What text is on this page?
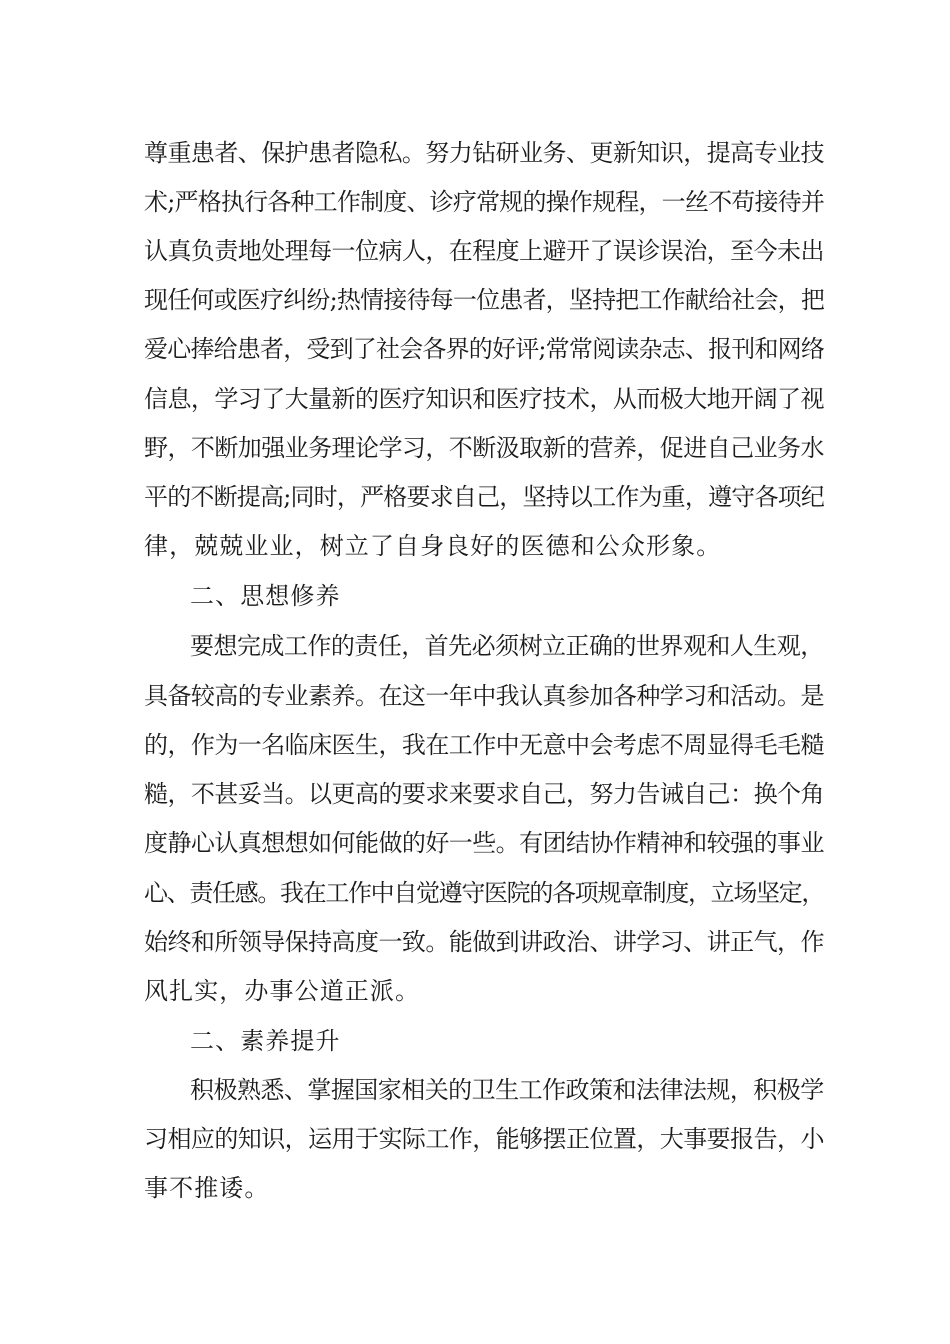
尊重患者、保护患者隐私。努力钻研业务、更新知识，提高专业技
术;严格执行各种工作制度、诊疗常规的操作规程，一丝不苟接待并
认真负责地处理每一位病人，在程度上避开了误诊误治，至今未出
现任何或医疗纠纷;热情接待每一位患者，坚持把工作献给社会，把
爱心捧给患者，受到了社会各界的好评;常常阅读杂志、报刊和网络
信息，学习了大量新的医疗知识和医疗技术，从而极大地开阔了视
野，不断加强业务理论学习，不断汲取新的营养，促进自己业务水
平的不断提高;同时，严格要求自己，坚持以工作为重，遵守各项纪
律，兢兢业业，树立了自身良好的医德和公众形象。
二、思想修养
要想完成工作的责任，首先必须树立正确的世界观和人生观，
具备较高的专业素养。在这一年中我认真参加各种学习和活动。是
的，作为一名临床医生，我在工作中无意中会考虑不周显得毛毛糙
糙，不甚妥当。以更高的要求来要求自己，努力告诫自己：换个角
度静心认真想想如何能做的好一些。有团结协作精神和较强的事业
心、责任感。我在工作中自觉遵守医院的各项规章制度，立场坚定，
始终和所领导保持高度一致。能做到讲政治、讲学习、讲正气，作
风扎实，办事公道正派。
二、素养提升
积极熟悉、掌握国家相关的卫生工作政策和法律法规，积极学
习相应的知识，运用于实际工作，能够摆正位置，大事要报告，小
事不推诿。
